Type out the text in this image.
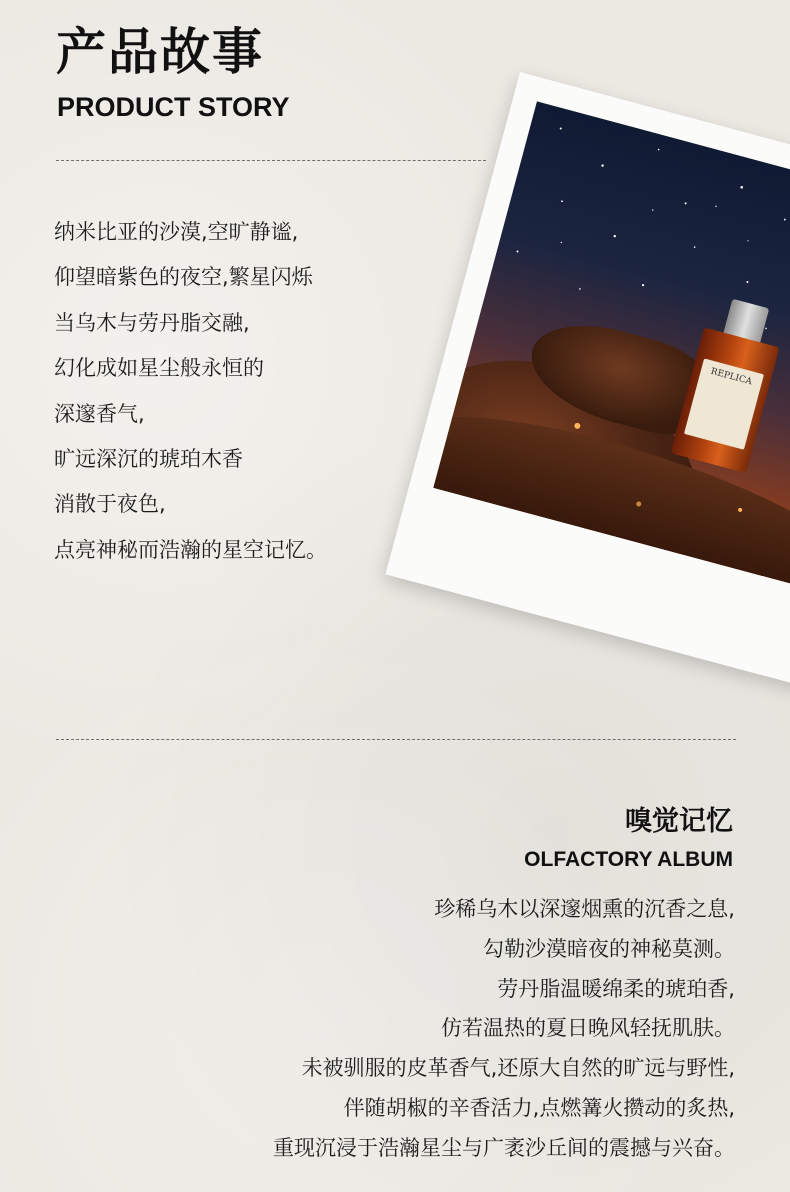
产品故事
PRODUCT STORY
纳米比亚的沙漠,空旷静谧,
仰望暗紫色的夜空,繁星闪烁
当乌木与劳丹脂交融,
幻化成如星尘般永恒的
深邃香气,
旷远深沉的琥珀木香
消散于夜色,
点亮神秘而浩瀚的星空记忆。
REPLICA
嗅觉记忆
OLFACTORY ALBUM
珍稀乌木以深邃烟熏的沉香之息,
勾勒沙漠暗夜的神秘莫测。
劳丹脂温暖绵柔的琥珀香,
仿若温热的夏日晚风轻抚肌肤。
未被驯服的皮革香气,还原大自然的旷远与野性,
伴随胡椒的辛香活力,点燃篝火攒动的炙热,
重现沉浸于浩瀚星尘与广袤沙丘间的震撼与兴奋。
